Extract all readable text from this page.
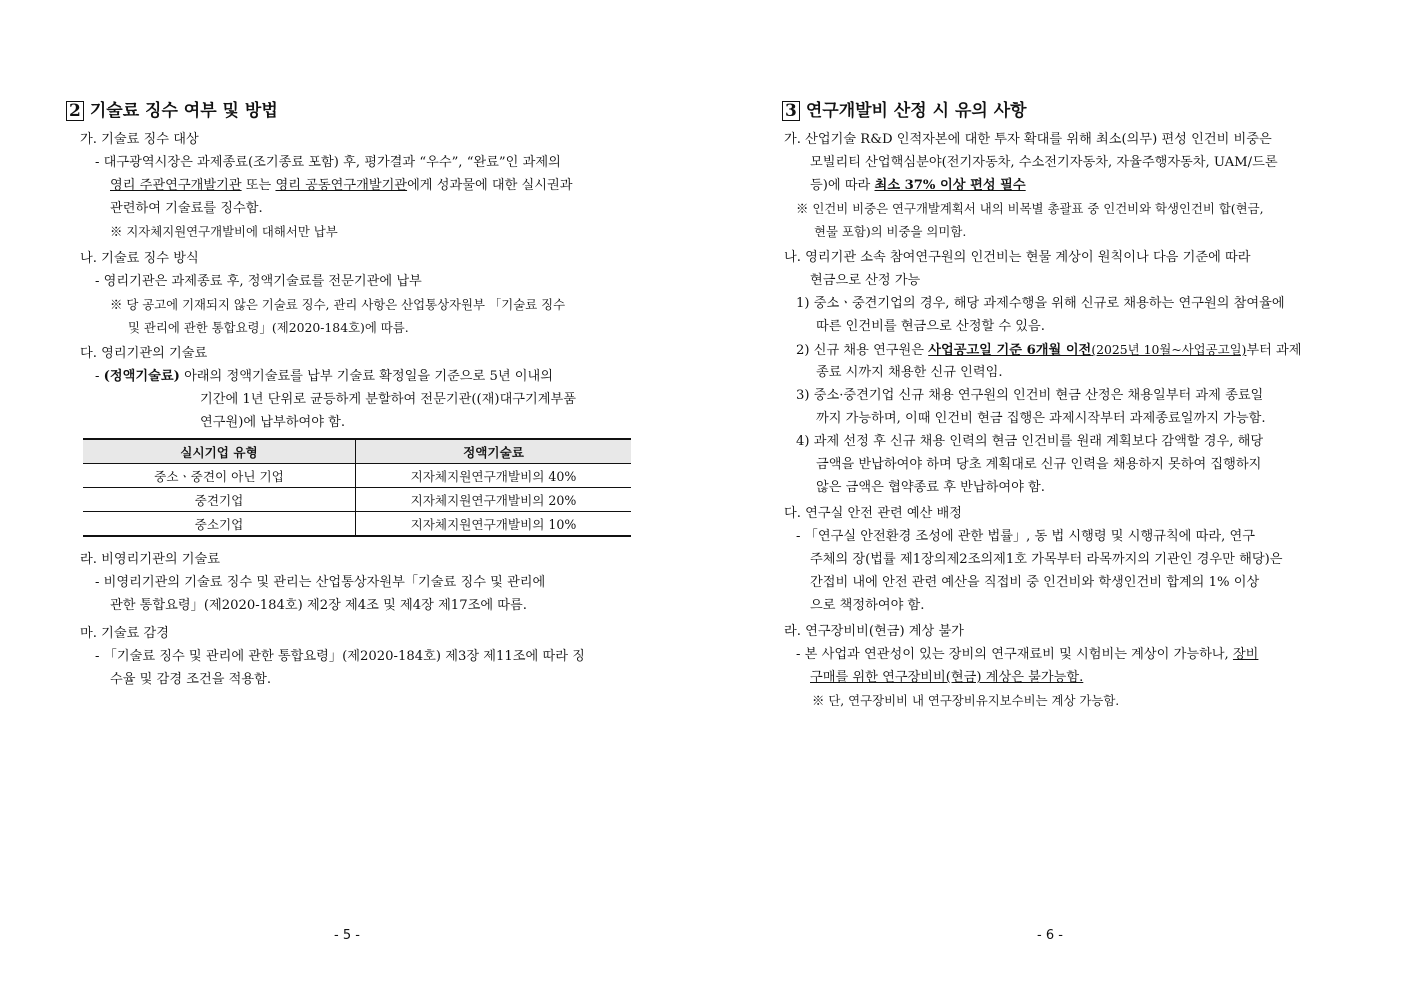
2 기술료 징수 여부 및 방법
가. 기술료 징수 대상
- 대구광역시장은 과제종료(조기종료 포함) 후, 평가결과 “우수”, “완료”인 과제의
영리 주관연구개발기관 또는 영리 공동연구개발기관에게 성과물에 대한 실시권과
관련하여 기술료를 징수함.
※ 지자체지원연구개발비에 대해서만 납부
나. 기술료 징수 방식
- 영리기관은 과제종료 후, 정액기술료를 전문기관에 납부
※ 당 공고에 기재되지 않은 기술료 징수, 관리 사항은 산업통상자원부 「기술료 징수
및 관리에 관한 통합요령」(제2020-184호)에 따름.
다. 영리기관의 기술료
- (정액기술료) 아래의 정액기술료를 납부 기술료 확정일을 기준으로 5년 이내의
기간에 1년 단위로 균등하게 분할하여 전문기관((재)대구기계부품
연구원)에 납부하여야 함.
실시기업 유형	정액기술료
중소ㆍ중견이 아닌 기업	지자체지원연구개발비의 40%
중견기업	지자체지원연구개발비의 20%
중소기업	지자체지원연구개발비의 10%
라. 비영리기관의 기술료
- 비영리기관의 기술료 징수 및 관리는 산업통상자원부「기술료 징수 및 관리에
관한 통합요령」(제2020-184호) 제2장 제4조 및 제4장 제17조에 따름.
마. 기술료 감경
- 「기술료 징수 및 관리에 관한 통합요령」(제2020-184호) 제3장 제11조에 따라 징
수율 및 감경 조건을 적용함.
- 5 -
3 연구개발비 산정 시 유의 사항
가. 산업기술 R&D 인적자본에 대한 투자 확대를 위해 최소(의무) 편성 인건비 비중은
모빌리티 산업핵심분야(전기자동차, 수소전기자동차, 자율주행자동차, UAM/드론
등)에 따라 최소 37% 이상 편성 필수
※ 인건비 비중은 연구개발계획서 내의 비목별 총괄표 중 인건비와 학생인건비 합(현금,
현물 포함)의 비중을 의미함.
나. 영리기관 소속 참여연구원의 인건비는 현물 계상이 원칙이나 다음 기준에 따라
현금으로 산정 가능
1) 중소ㆍ중견기업의 경우, 해당 과제수행을 위해 신규로 채용하는 연구원의 참여율에
따른 인건비를 현금으로 산정할 수 있음.
2) 신규 채용 연구원은 사업공고일 기준 6개월 이전(2025년 10월~사업공고일)부터 과제
종료 시까지 채용한 신규 인력임.
3) 중소·중견기업 신규 채용 연구원의 인건비 현금 산정은 채용일부터 과제 종료일
까지 가능하며, 이때 인건비 현금 집행은 과제시작부터 과제종료일까지 가능함.
4) 과제 선정 후 신규 채용 인력의 현금 인건비를 원래 계획보다 감액할 경우, 해당
금액을 반납하여야 하며 당초 계획대로 신규 인력을 채용하지 못하여 집행하지
않은 금액은 협약종료 후 반납하여야 함.
다. 연구실 안전 관련 예산 배정
- 「연구실 안전환경 조성에 관한 법률」, 동 법 시행령 및 시행규칙에 따라, 연구
주체의 장(법률 제1장의제2조의제1호 가목부터 라목까지의 기관인 경우만 해당)은
간접비 내에 안전 관련 예산을 직접비 중 인건비와 학생인건비 합계의 1% 이상
으로 책정하여야 함.
라. 연구장비비(현금) 계상 불가
- 본 사업과 연관성이 있는 장비의 연구재료비 및 시험비는 계상이 가능하나, 장비
구매를 위한 연구장비비(현금) 계상은 불가능함.
※ 단, 연구장비비 내 연구장비유지보수비는 계상 가능함.
- 6 -
